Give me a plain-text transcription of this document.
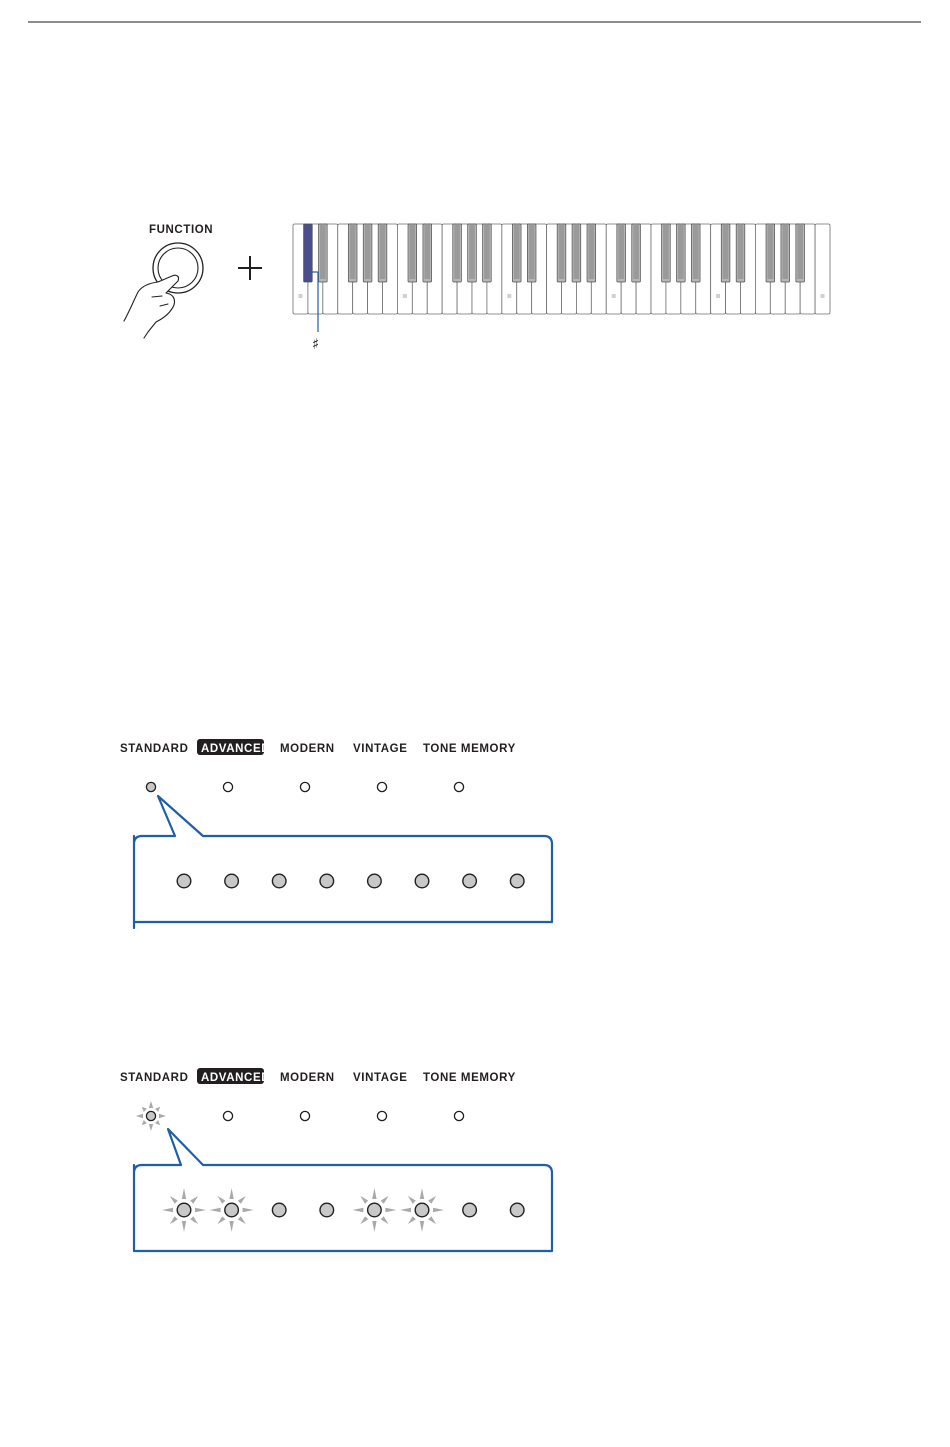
FUNCTION
♯
STANDARD ADVANCED MODERN VINTAGE TONE MEMORY
STANDARD ADVANCED MODERN VINTAGE TONE MEMORY
